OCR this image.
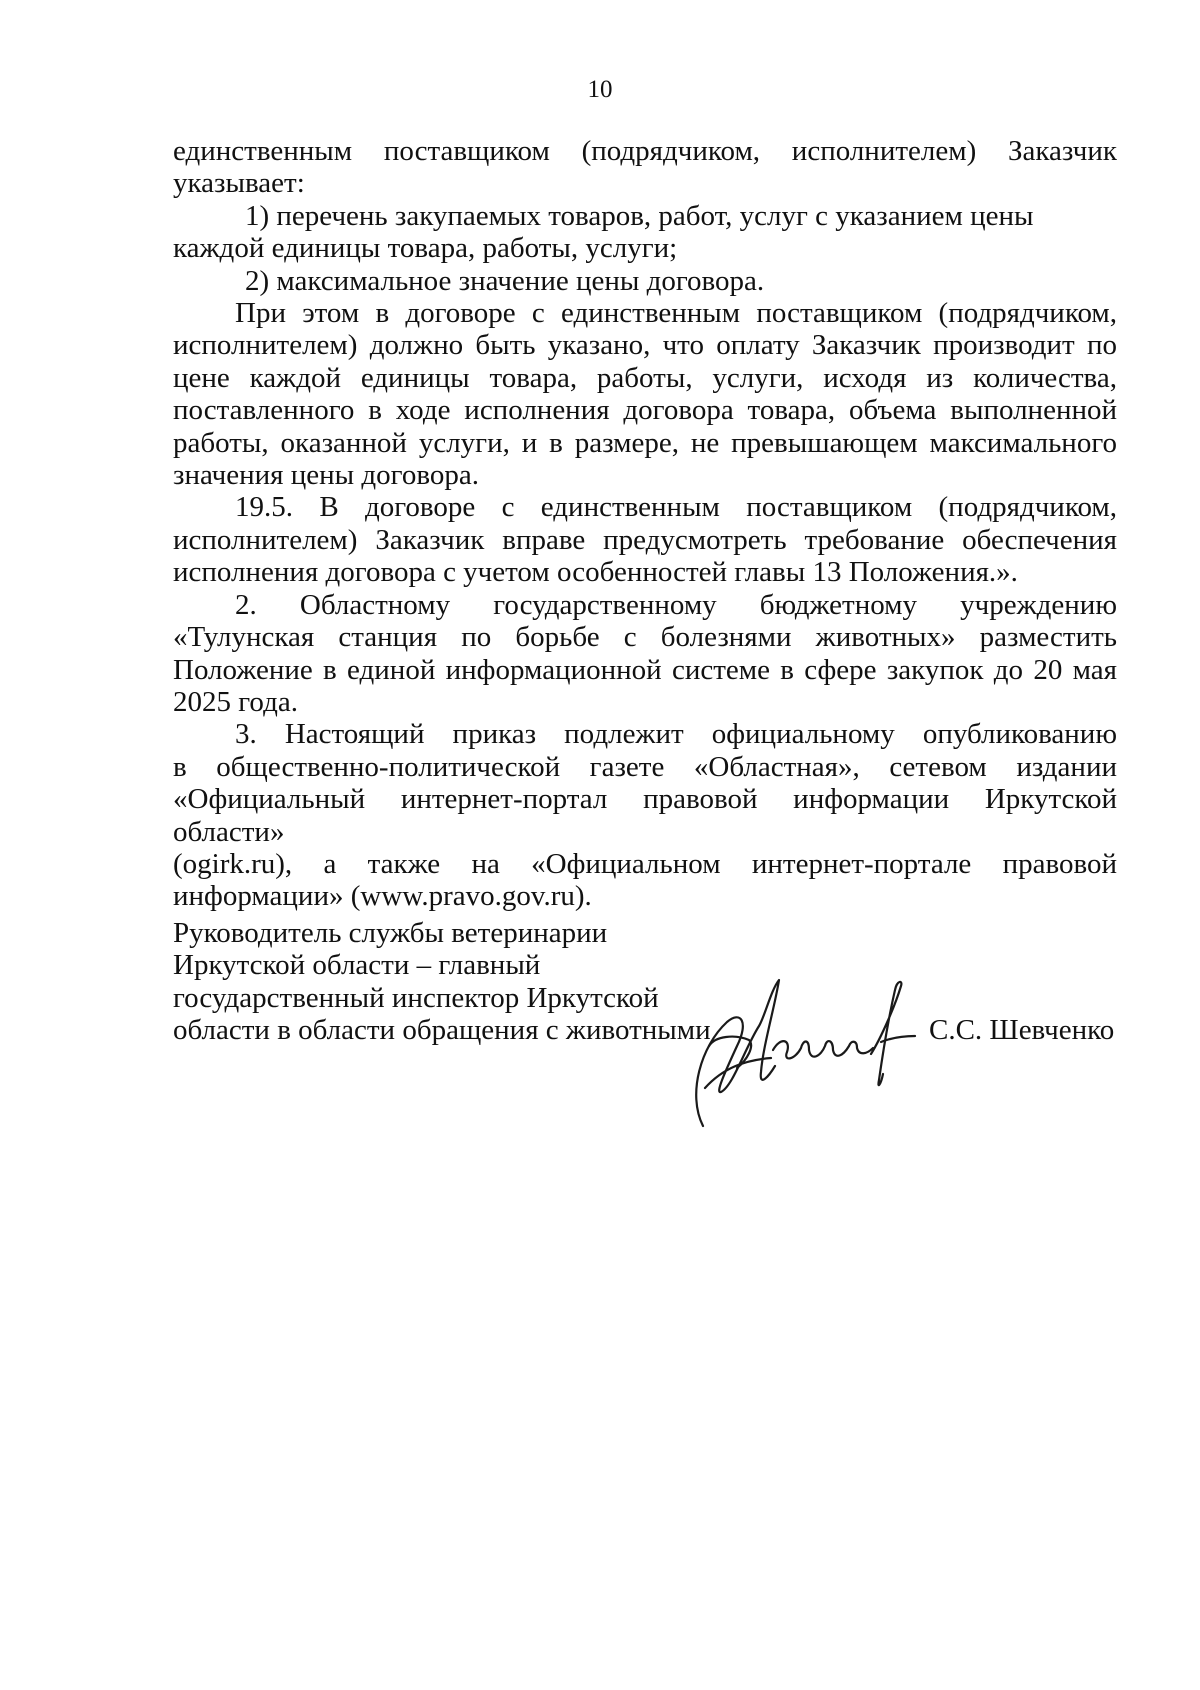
10
единственным поставщиком (подрядчиком, исполнителем) Заказчик
указывает:
1) перечень закупаемых товаров, работ, услуг с указанием цены
каждой единицы товара, работы, услуги;
2) максимальное значение цены договора.
При этом в договоре с единственным поставщиком (подрядчиком,
исполнителем) должно быть указано, что оплату Заказчик производит по
цене каждой единицы товара, работы, услуги, исходя из количества,
поставленного в ходе исполнения договора товара, объема выполненной
работы, оказанной услуги, и в размере, не превышающем максимального
значения цены договора.
19.5. В договоре с единственным поставщиком (подрядчиком,
исполнителем) Заказчик вправе предусмотреть требование обеспечения
исполнения договора с учетом особенностей главы 13 Положения.».
2. Областному государственному бюджетному учреждению
«Тулунская станция по борьбе с болезнями животных» разместить
Положение в единой информационной системе в сфере закупок до 20 мая
2025 года.
3. Настоящий приказ подлежит официальному опубликованию
в общественно-политической газете «Областная», сетевом издании
«Официальный интернет-портал правовой информации Иркутской области»
(ogirk.ru), а также на «Официальном интернет-портале правовой
информации» (www.pravo.gov.ru).
Руководитель службы ветеринарии
Иркутской области – главный
государственный инспектор Иркутской
области в области обращения с животными	С.С. Шевченко
